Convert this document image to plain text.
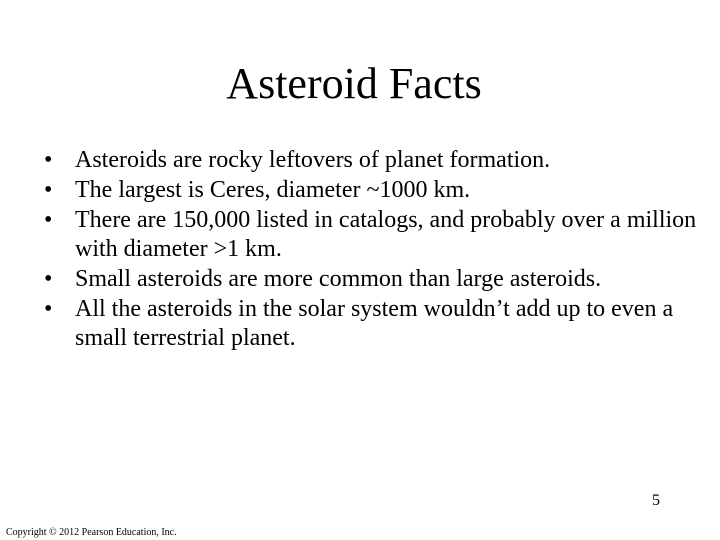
Asteroid Facts
• Asteroids are rocky leftovers of planet formation.
• The largest is Ceres, diameter ~1000 km.
• There are 150,000 listed in catalogs, and probably over a million with diameter >1 km.
• Small asteroids are more common than large asteroids.
• All the asteroids in the solar system wouldn’t add up to even a small terrestrial planet.
5
Copyright © 2012 Pearson Education, Inc.
